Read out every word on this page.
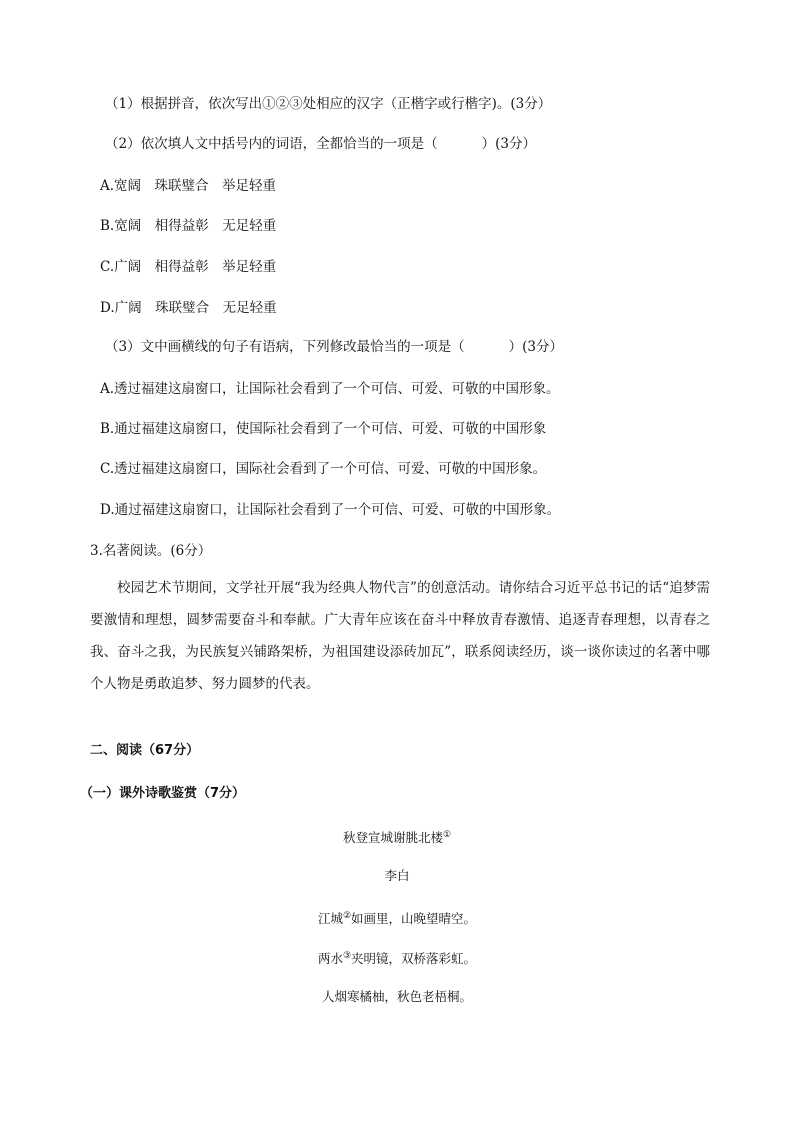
（1）根据拼音，依次写出①②③处相应的汉字（正楷字或行楷字)。(3分）
（2）依次填人文中括号内的词语，全都恰当的一项是（	）(3分）
A.宽阔　珠联璧合　举足轻重
B.宽阔　相得益彰　无足轻重
C.广阔　相得益彰　举足轻重
D.广阔　珠联璧合　无足轻重
（3）文中画横线的句子有语病，下列修改最恰当的一项是（	）(3分）
A.透过福建这扇窗口，让国际社会看到了一个可信、可爱、可敬的中国形象。
B.通过福建这扇窗口，使国际社会看到了一个可信、可爱、可敬的中国形象
C.透过福建这扇窗口，国际社会看到了一个可信、可爱、可敬的中国形象。
D.通过福建这扇窗口，让国际社会看到了一个可信、可爱、可敬的中国形象。
3.名著阅读。(6分）
校园艺术节期间，文学社开展“我为经典人物代言”的创意活动。请你结合习近平总书记的话“追梦需要激情和理想，圆梦需要奋斗和奉献。广大青年应该在奋斗中释放青春激情、追逐青春理想，以青春之我、奋斗之我，为民族复兴铺路架桥，为祖国建设添砖加瓦”，联系阅读经历，谈一谈你读过的名著中哪个人物是勇敢追梦、努力圆梦的代表。
二、阅读（67分）
（一）课外诗歌鉴赏（7分）
秋登宣城谢朓北楼①
李白
江城②如画里，山晚望晴空。
两水③夹明镜，双桥落彩虹。
人烟寒橘柚，秋色老梧桐。
